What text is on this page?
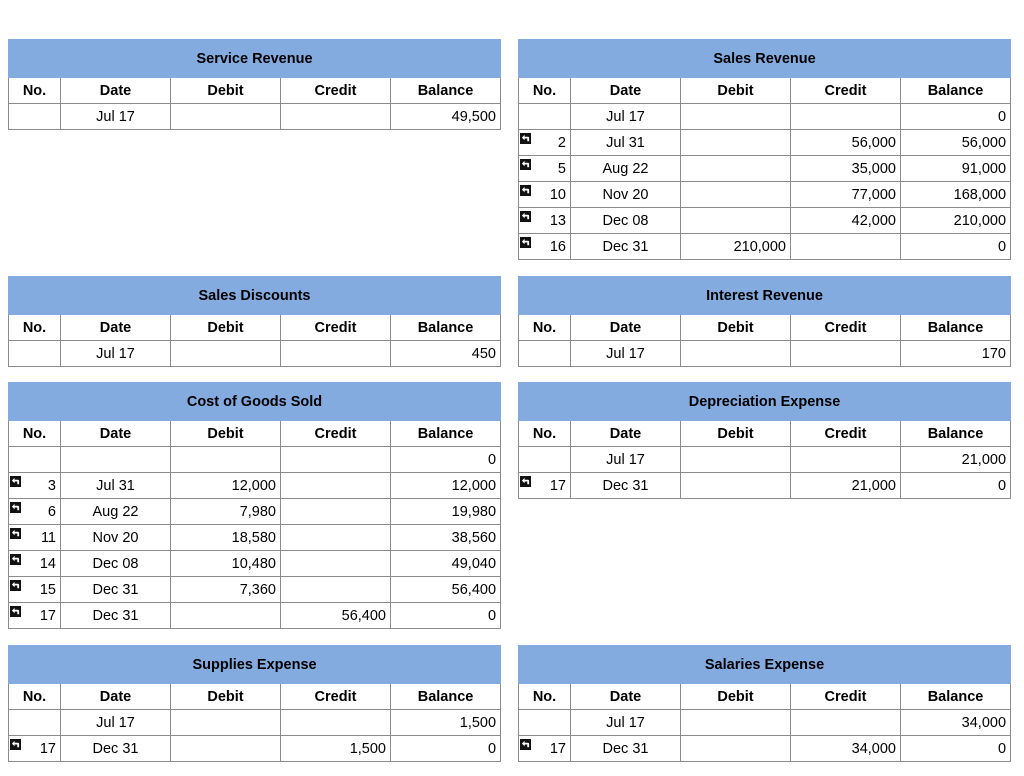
Service Revenue				
No.	Date	Debit	Credit	Balance
	Jul 17			49,500
Sales Revenue				
No.	Date	Debit	Credit	Balance
	Jul 17			0

2	Jul 31		56,000	56,000

5	Aug 22		35,000	91,000

10	Nov 20		77,000	168,000

13	Dec 08		42,000	210,000

16	Dec 31	210,000		0
Sales Discounts				
No.	Date	Debit	Credit	Balance
	Jul 17			450
Interest Revenue				
No.	Date	Debit	Credit	Balance
	Jul 17			170
Cost of Goods Sold				
No.	Date	Debit	Credit	Balance
				0

3	Jul 31	12,000		12,000

6	Aug 22	7,980		19,980

11	Nov 20	18,580		38,560

14	Dec 08	10,480		49,040

15	Dec 31	7,360		56,400

17	Dec 31		56,400	0
Depreciation Expense				
No.	Date	Debit	Credit	Balance
	Jul 17			21,000

17	Dec 31		21,000	0
Supplies Expense				
No.	Date	Debit	Credit	Balance
	Jul 17			1,500

17	Dec 31		1,500	0
Salaries Expense				
No.	Date	Debit	Credit	Balance
	Jul 17			34,000

17	Dec 31		34,000	0
